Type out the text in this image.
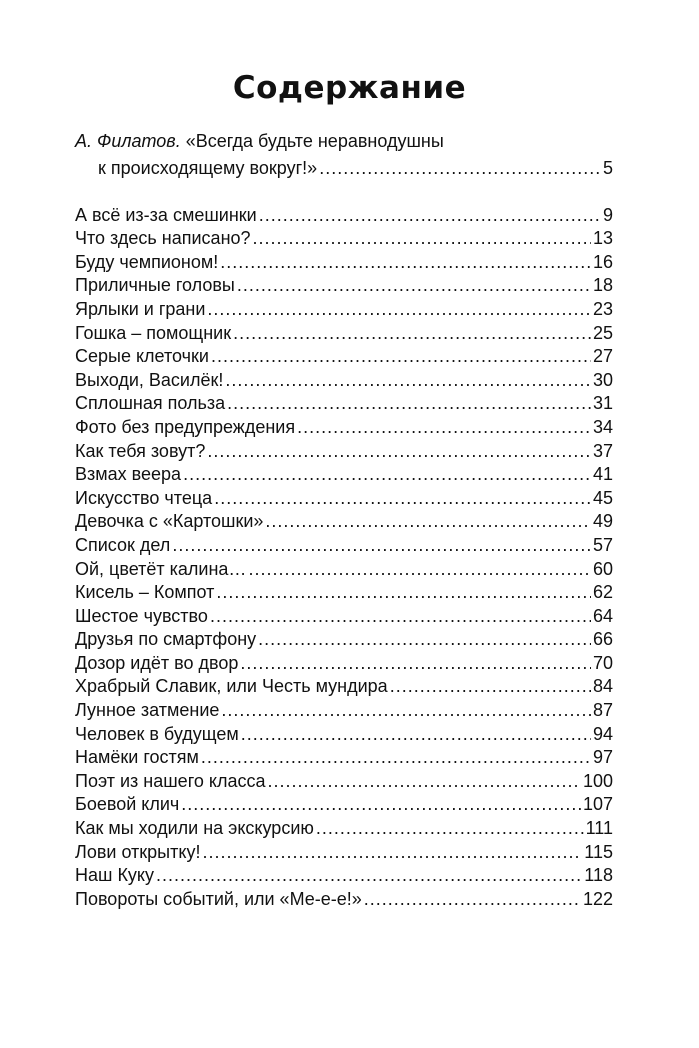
Содержание
А. Филатов. «Всегда будьте неравнодушны
к происходящему вокруг!» .....	5
А всё из-за смешинки .....	9
Что здесь написано? .....	13
Буду чемпионом! .....	16
Приличные головы .....	18
Ярлыки и грани .....	23
Гошка – помощник .....	25
Серые клеточки .....	27
Выходи, Василёк! .....	30
Сплошная польза .....	31
Фото без предупреждения .....	34
Как тебя зовут? .....	37
Взмах веера .....	41
Искусство чтеца .....	45
Девочка с «Картошки» .....	49
Список дел .....	57
Ой, цветёт калина… .....	60
Кисель – Компот .....	62
Шестое чувство .....	64
Друзья по смартфону .....	66
Дозор идёт во двор .....	70
Храбрый Славик, или Честь мундира .....	84
Лунное затмение .....	87
Человек в будущем .....	94
Намёки гостям .....	97
Поэт из нашего класса .....	100
Боевой клич .....	107
Как мы ходили на экскурсию .....	111
Лови открытку! .....	115
Наш Куку .....	118
Повороты событий, или «Ме-е-е!» .....	122
